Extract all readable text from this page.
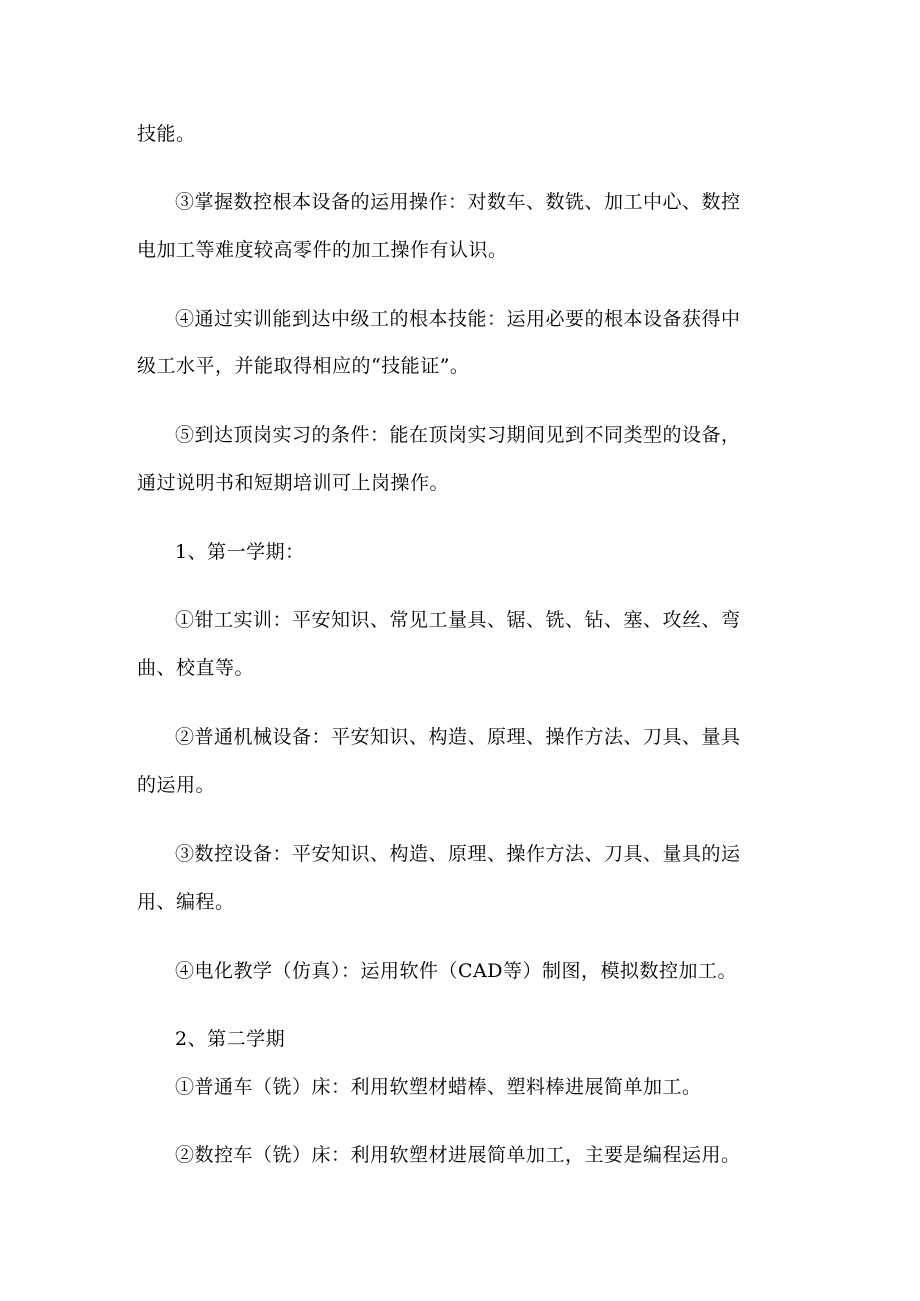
技能。
③掌握数控根本设备的运用操作：对数车、数铣、加工中心、数控
电加工等难度较高零件的加工操作有认识。
④通过实训能到达中级工的根本技能：运用必要的根本设备获得中
级工水平，并能取得相应的“技能证”。
⑤到达顶岗实习的条件：能在顶岗实习期间见到不同类型的设备，
通过说明书和短期培训可上岗操作。
1、第一学期：
①钳工实训：平安知识、常见工量具、锯、铣、钻、塞、攻丝、弯
曲、校直等。
②普通机械设备：平安知识、构造、原理、操作方法、刀具、量具
的运用。
③数控设备：平安知识、构造、原理、操作方法、刀具、量具的运
用、编程。
④电化教学（仿真）：运用软件（CAD等）制图，模拟数控加工。
2、第二学期
①普通车（铣）床：利用软塑材蜡棒、塑料棒进展简单加工。
②数控车（铣）床：利用软塑材进展简单加工，主要是编程运用。
